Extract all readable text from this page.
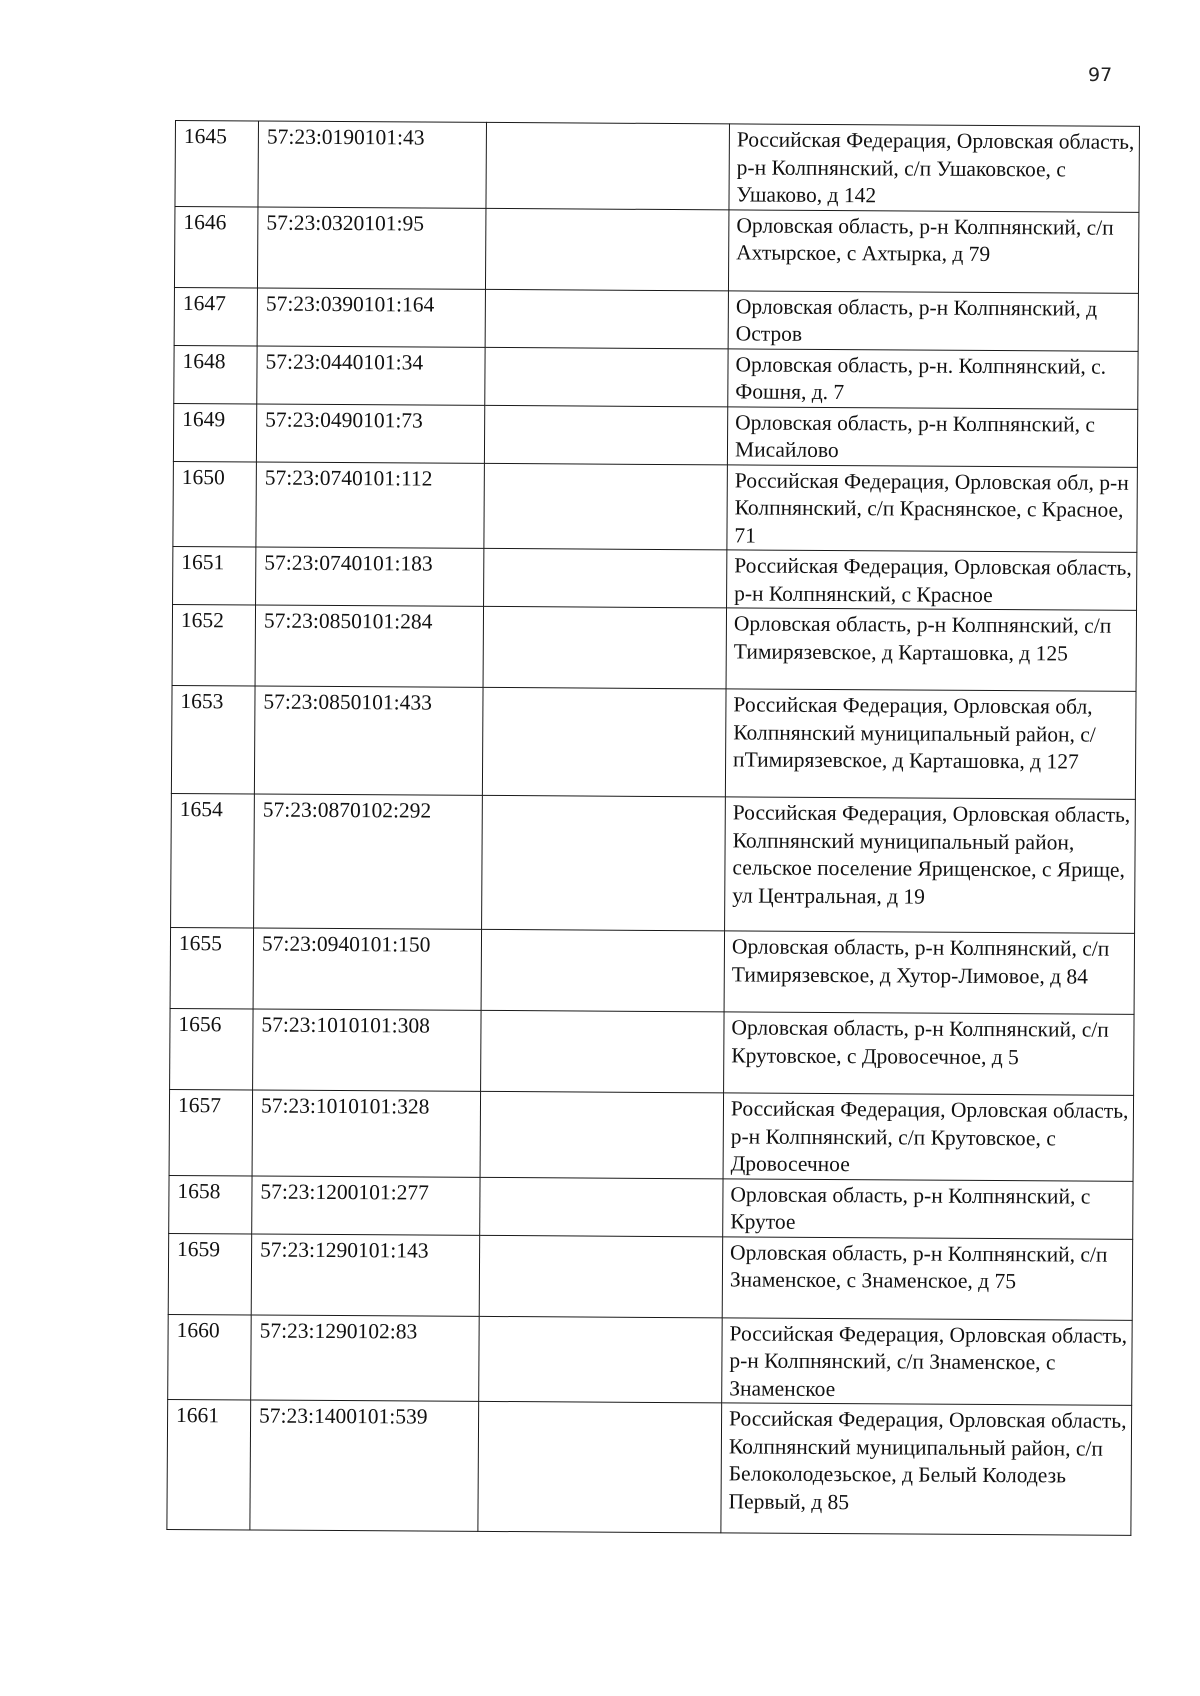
97
1645	57:23:0190101:43		Российская Федерация, Орловская область, р-н Колпнянский, с/п Ушаковское, с Ушаково, д 142
1646	57:23:0320101:95		Орловская область, р-н Колпнянский, с/п Ахтырское, с Ахтырка, д 79
1647	57:23:0390101:164		Орловская область, р-н Колпнянский, д Остров
1648	57:23:0440101:34		Орловская область, р-н. Колпнянский, с. Фошня, д. 7
1649	57:23:0490101:73		Орловская область, р-н Колпнянский, с Мисайлово
1650	57:23:0740101:112		Российская Федерация, Орловская обл, р-н Колпнянский, с/п Краснянское, с Красное, 71
1651	57:23:0740101:183		Российская Федерация, Орловская область, р-н Колпнянский, с Красное
1652	57:23:0850101:284		Орловская область, р-н Колпнянский, с/п Тимирязевское, д Карташовка, д 125
1653	57:23:0850101:433		Российская Федерация, Орловская обл, Колпнянский муниципальный район, с/пТимирязевское, д Карташовка, д 127
1654	57:23:0870102:292		Российская Федерация, Орловская область, Колпнянский муниципальный район, сельское поселение Ярищенское, с Ярище, ул Центральная, д 19
1655	57:23:0940101:150		Орловская область, р-н Колпнянский, с/п Тимирязевское, д Хутор-Лимовое, д 84
1656	57:23:1010101:308		Орловская область, р-н Колпнянский, с/п Крутовское, с Дровосечное, д 5
1657	57:23:1010101:328		Российская Федерация, Орловская область, р-н Колпнянский, с/п Крутовское, с Дровосечное
1658	57:23:1200101:277		Орловская область, р-н Колпнянский, с Крутое
1659	57:23:1290101:143		Орловская область, р-н Колпнянский, с/п Знаменское, с Знаменское, д 75
1660	57:23:1290102:83		Российская Федерация, Орловская область, р-н Колпнянский, с/п Знаменское, с Знаменское
1661	57:23:1400101:539		Российская Федерация, Орловская область, Колпнянский муниципальный район, с/п Белоколодезьское, д Белый Колодезь Первый, д 85
